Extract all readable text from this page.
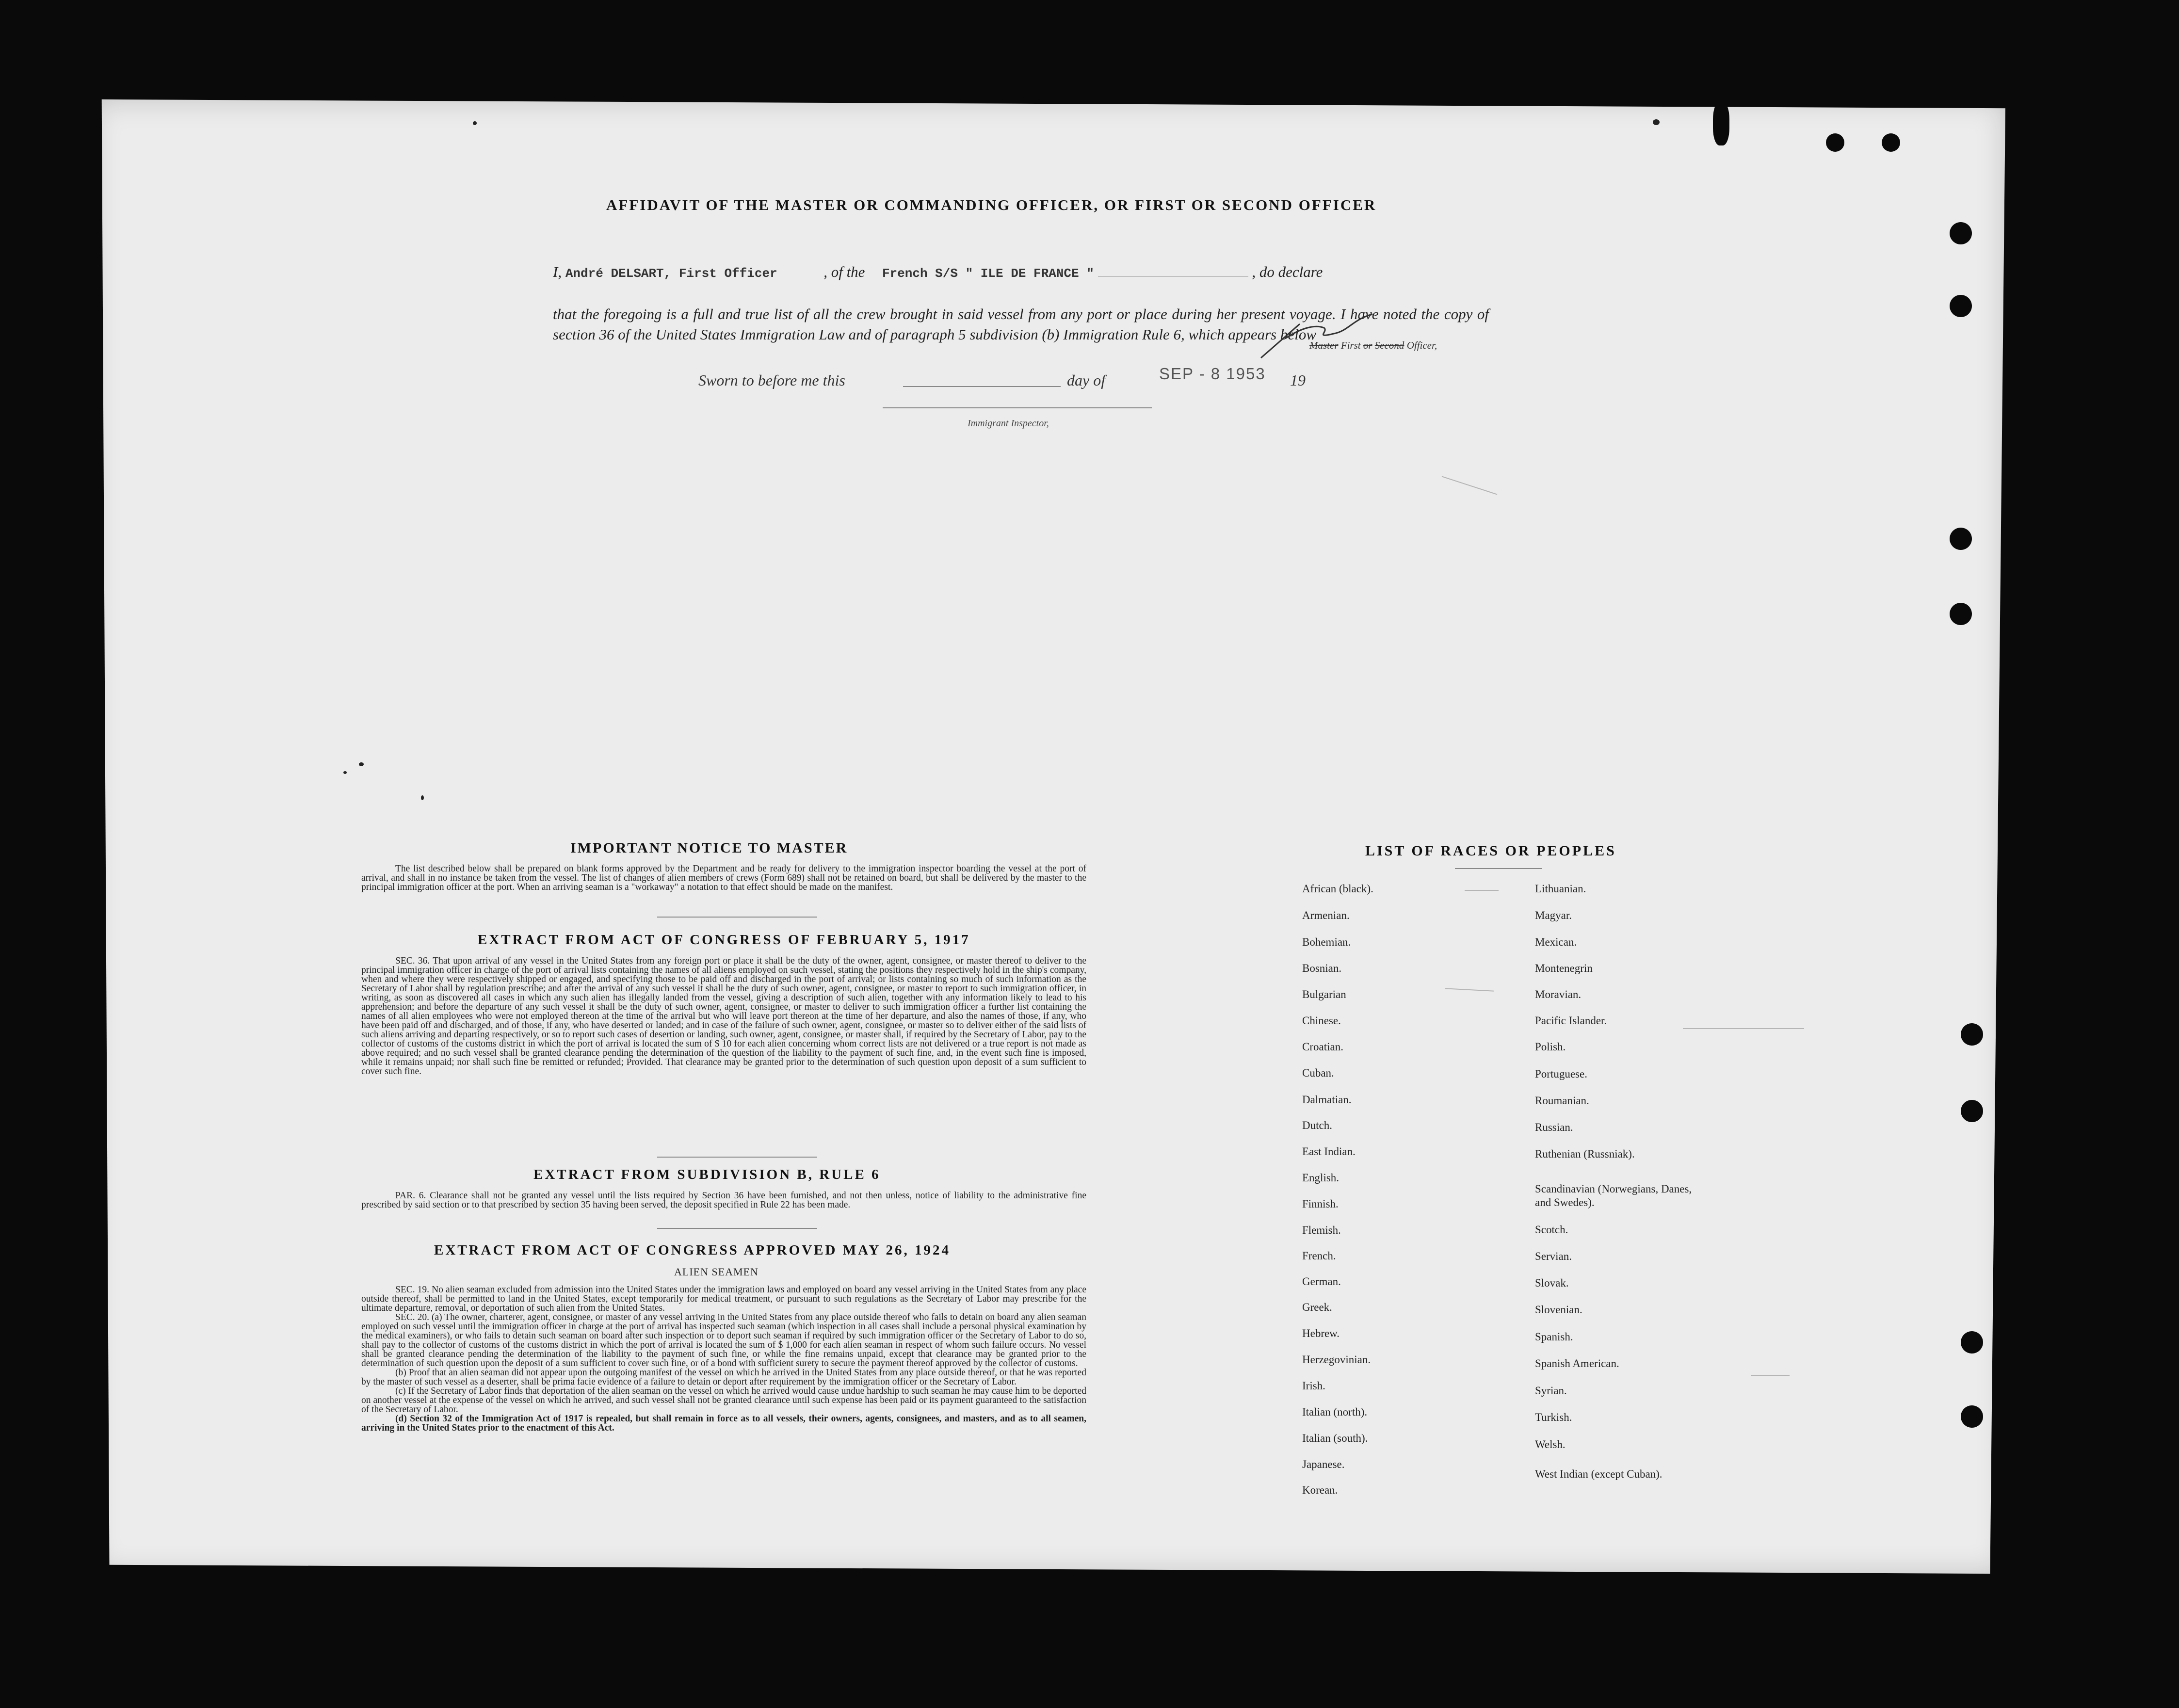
AFFIDAVIT OF THE MASTER OR COMMANDING OFFICER, OR FIRST OR SECOND OFFICER

I, André DELSART, First Officer	, of the French S/S " ILE DE FRANCE "	, do declare

that the foregoing is a full and true list of all the crew brought in said vessel from any port or place during her present voyage. I have noted the copy of section 36 of the United States Immigration Law and of paragraph 5 subdivision (b) Immigration Rule 6, which appears below

Master First or Second Officer,
Sworn to before me this	day of	SEP - 8 1953 19
Immigrant Inspector,
IMPORTANT NOTICE TO MASTER
The list described below shall be prepared on blank forms approved by the Department and be ready for delivery to the immigration inspector boarding the vessel at the port of arrival, and shall in no instance be taken from the vessel. The list of changes of alien members of crews (Form 689) shall not be retained on board, but shall be delivered by the master to the principal immigration officer at the port. When an arriving seaman is a "workaway" a notation to that effect should be made on the manifest.
EXTRACT FROM ACT OF CONGRESS OF FEBRUARY 5, 1917
SEC. 36. That upon arrival of any vessel in the United States from any foreign port or place it shall be the duty of the owner, agent, consignee, or master thereof to deliver to the principal immigration officer in charge of the port of arrival lists containing the names of all aliens employed on such vessel, stating the positions they respectively hold in the ship's company, when and where they were respectively shipped or engaged, and specifying those to be paid off and discharged in the port of arrival; or lists containing so much of such information as the Secretary of Labor shall by regulation prescribe; and after the arrival of any such vessel it shall be the duty of such owner, agent, consignee, or master to report to such immigration officer, in writing, as soon as discovered all cases in which any such alien has illegally landed from the vessel, giving a description of such alien, together with any information likely to lead to his apprehension; and before the departure of any such vessel it shall be the duty of such owner, agent, consignee, or master to deliver to such immigration officer a further list containing the names of all alien employees who were not employed thereon at the time of the arrival but who will leave port thereon at the time of her departure, and also the names of those, if any, who have been paid off and discharged, and of those, if any, who have deserted or landed; and in case of the failure of such owner, agent, consignee, or master so to deliver either of the said lists of such aliens arriving and departing respectively, or so to report such cases of desertion or landing, such owner, agent, consignee, or master shall, if required by the Secretary of Labor, pay to the collector of customs of the customs district in which the port of arrival is located the sum of $ 10 for each alien concerning whom correct lists are not delivered or a true report is not made as above required; and no such vessel shall be granted clearance pending the determination of the question of the liability to the payment of such fine, and, in the event such fine is imposed, while it remains unpaid; nor shall such fine be remitted or refunded; Provided. That clearance may be granted prior to the determination of such question upon deposit of a sum sufficient to cover such fine.
EXTRACT FROM SUBDIVISION B, RULE 6
PAR. 6. Clearance shall not be granted any vessel until the lists required by Section 36 have been furnished, and not then unless, notice of liability to the administrative fine prescribed by said section or to that prescribed by section 35 having been served, the deposit specified in Rule 22 has been made.
EXTRACT FROM ACT OF CONGRESS APPROVED MAY 26, 1924
ALIEN SEAMEN
SEC. 19. No alien seaman excluded from admission into the United States under the immigration laws and employed on board any vessel arriving in the United States from any place outside thereof, shall be permitted to land in the United States, except temporarily for medical treatment, or pursuant to such regulations as the Secretary of Labor may prescribe for the ultimate departure, removal, or deportation of such alien from the United States.
SEC. 20. (a) The owner, charterer, agent, consignee, or master of any vessel arriving in the United States from any place outside thereof who fails to detain on board any alien seaman employed on such vessel until the immigration officer in charge at the port of arrival has inspected such seaman (which inspection in all cases shall include a personal physical examination by the medical examiners), or who fails to detain such seaman on board after such inspection or to deport such seaman if required by such immigration officer or the Secretary of Labor to do so, shall pay to the collector of customs of the customs district in which the port of arrival is located the sum of $ 1,000 for each alien seaman in respect of whom such failure occurs. No vessel shall be granted clearance pending the determination of the liability to the payment of such fine, or while the fine remains unpaid, except that clearance may be granted prior to the determination of such question upon the deposit of a sum sufficient to cover such fine, or of a bond with sufficient surety to secure the payment thereof approved by the collector of customs.
(b) Proof that an alien seaman did not appear upon the outgoing manifest of the vessel on which he arrived in the United States from any place outside thereof, or that he was reported by the master of such vessel as a deserter, shall be prima facie evidence of a failure to detain or deport after requirement by the immigration officer or the Secretary of Labor.
(c) If the Secretary of Labor finds that deportation of the alien seaman on the vessel on which he arrived would cause undue hardship to such seaman he may cause him to be deported on another vessel at the expense of the vessel on which he arrived, and such vessel shall not be granted clearance until such expense has been paid or its payment guaranteed to the satisfaction of the Secretary of Labor.
(d) Section 32 of the Immigration Act of 1917 is repealed, but shall remain in force as to all vessels, their owners, agents, consignees, and masters, and as to all seamen, arriving in the United States prior to the enactment of this Act.
LIST OF RACES OR PEOPLES
African (black).
Armenian.
Bohemian.
Bosnian.
Bulgarian
Chinese.
Croatian.
Cuban.
Dalmatian.
Dutch.
East Indian.
English.
Finnish.
Flemish.
French.
German.
Greek.
Hebrew.
Herzegovinian.
Irish.
Italian (north).
Italian (south).
Japanese.
Korean.
Lithuanian.
Magyar.
Mexican.
Montenegrin
Moravian.
Pacific Islander.
Polish.
Portuguese.
Roumanian.
Russian.
Ruthenian (Russniak).
Scandinavian (Norwegians, Danes, and Swedes).
Scotch.
Servian.
Slovak.
Slovenian.
Spanish.
Spanish American.
Syrian.
Turkish.
Welsh.
West Indian (except Cuban).
